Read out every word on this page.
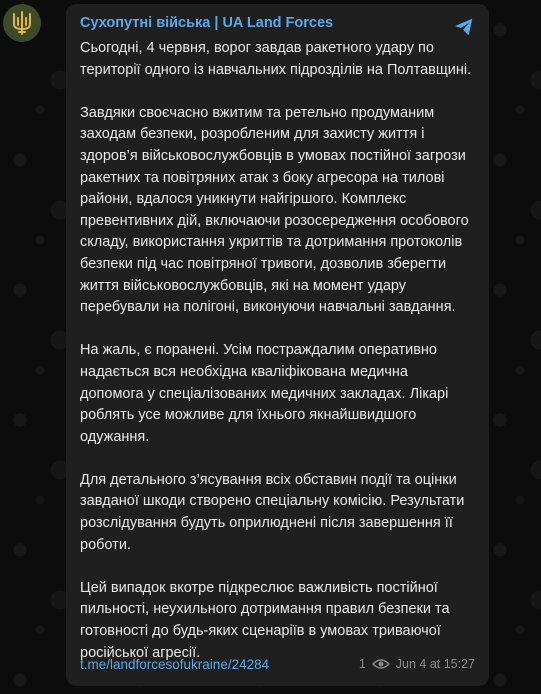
Сухопутні війська | UA Land Forces

Сьогодні, 4 червня, ворог завдав ракетного удару по території одного із навчальних підрозділів на Полтавщині.

Завдяки своєчасно вжитим та ретельно продуманим заходам безпеки, розробленим для захисту життя і здоров’я військовослужбовців в умовах постійної загрози ракетних та повітряних атак з боку агресора на тилові райони, вдалося уникнути найгіршого. Комплекс превентивних дій, включаючи розосередження особового складу, використання укриттів та дотримання протоколів безпеки під час повітряної тривоги, дозволив зберегти життя військовослужбовців, які на момент удару перебували на полігоні, виконуючи навчальні завдання.

На жаль, є поранені. Усім постраждалим оперативно надається вся необхідна кваліфікована медична допомога у спеціалізованих медичних закладах. Лікарі роблять усе можливе для їхнього якнайшвидшого одужання.

Для детального з’ясування всіх обставин події та оцінки завданої шкоди створено спеціальну комісію. Результати розслідування будуть оприлюднені після завершення її роботи.

Цей випадок вкотре підкреслює важливість постійної пильності, неухильного дотримання правил безпеки та готовності до будь-яких сценаріїв в умовах триваючої російської агресії.

t.me/landforcesofukraine/24284	1 Jun 4 at 15:27
